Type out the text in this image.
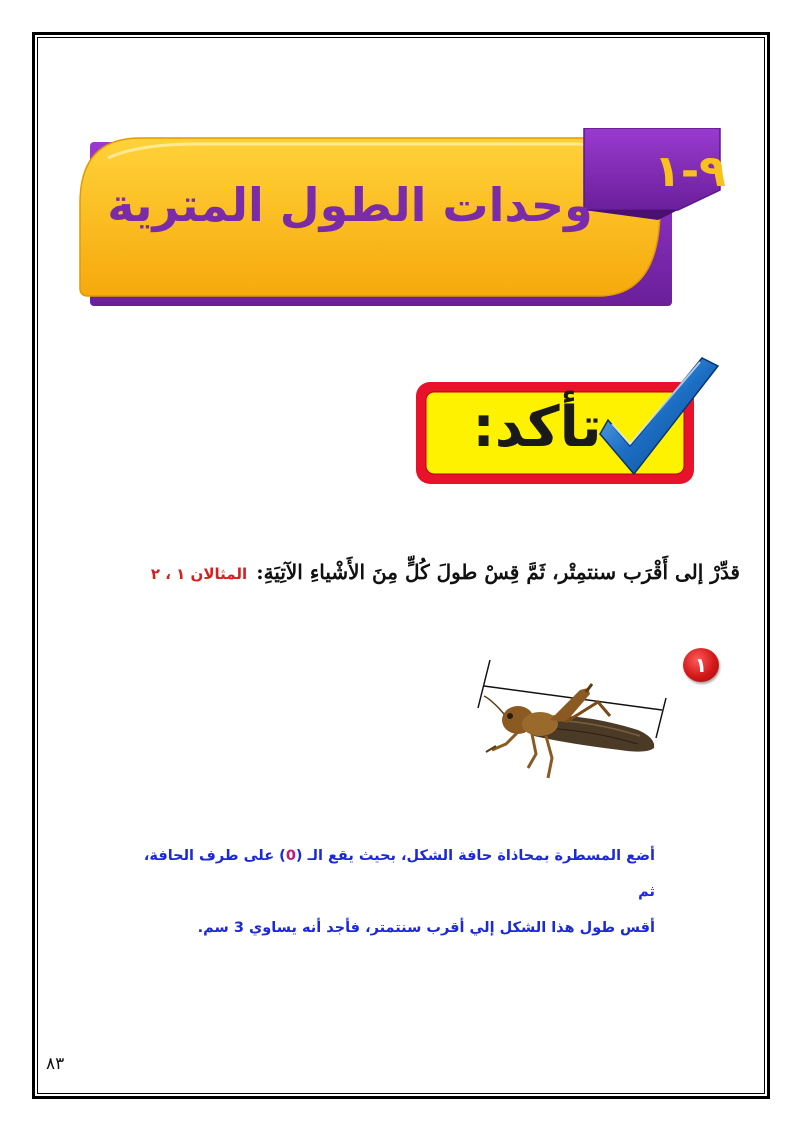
٩-١
وحدات الطول المترية
تأكد:
قدِّرْ إلى أَقْرَب سنتمِتْر، ثَمَّ قِسْ طولَ كُلٍّ مِنَ الأَشْياءِ الآتِيَةِ: المثالان ١ ، ٢
١
أضع المسطرة بمحاذاة حافة الشكل، بحيث يقع الـ (0) على طرف الحافة، ثم
أقس طول هذا الشكل إلي أقرب سنتمتر، فأجد أنه يساوي 3 سم.
٨٣
